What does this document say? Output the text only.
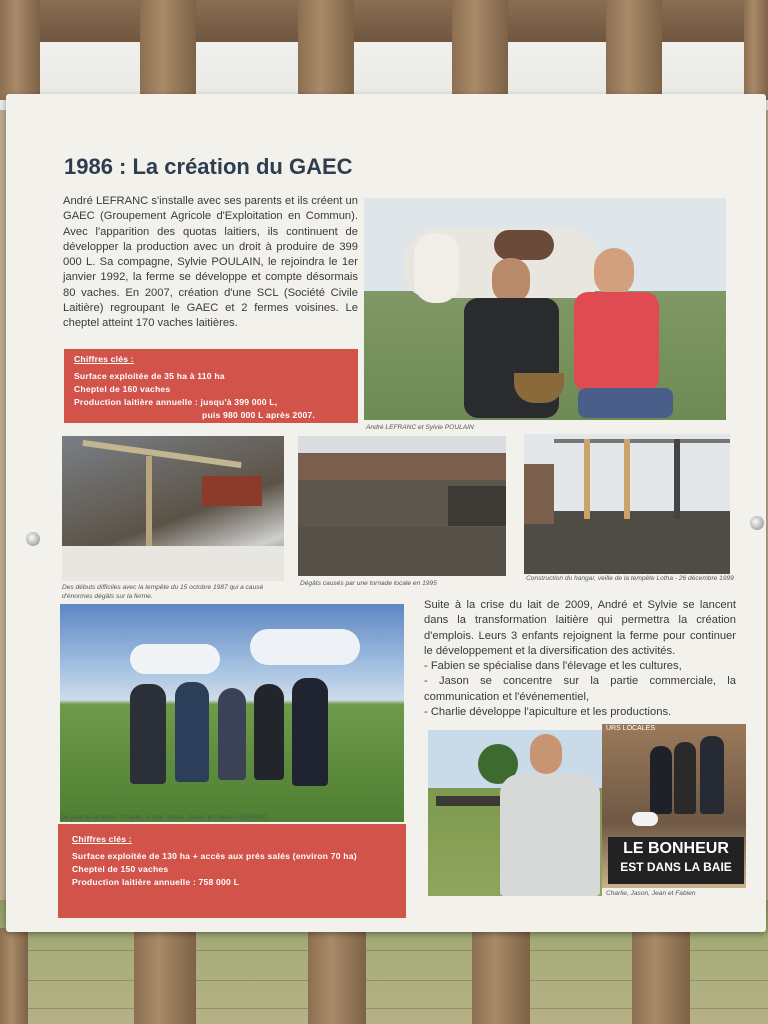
1986 : La création du GAEC
André LEFRANC s'installe avec ses parents et ils créent un GAEC (Groupement Agricole d'Exploitation en Commun). Avec l'apparition des quotas laitiers, ils continuent de développer la production avec un droit à produire de 399 000 L. Sa compagne, Sylvie POULAIN, le rejoindra le 1er janvier 1992, la ferme se développe et compte désormais 80 vaches. En 2007, création d'une SCL (Société Civile Laitière) regroupant le GAEC et 2 fermes voisines. Le cheptel atteint 170 vaches laitières.
Chiffres clés :
Surface exploitée de 35 ha à 110 ha
Cheptel de 160 vaches
Production laitière annuelle : jusqu'à 399 000 L,
puis 980 000 L après 2007.
André LEFRANC et Sylvie POULAIN
Des débuts difficiles avec la tempête du 15 octobre 1987 qui a causé d'énormes dégâts sur la ferme.
Dégâts causés par une tornade locale en 1995
Construction du hangar, veille de la tempête Lotha - 26 décembre 1999
De gauche à droite : Charlie, André, Sylvie, Jason et Fabien LEFRANC
Chiffres clés :
Surface exploitée de 130 ha + accès aux prés salés (environ 70 ha)
Cheptel de 150 vaches
Production laitière annuelle : 758 000 L
Suite à la crise du lait de 2009, André et Sylvie se lancent dans la transformation laitière qui permettra la création d'emplois. Leurs 3 enfants rejoignent la ferme pour continuer le développement et la diversification des activités.
- Fabien se spécialise dans l'élevage et les cultures,
- Jason se concentre sur la partie commerciale, la communication et l'événementiel,
- Charlie développe l'apiculture et les productions.
URS LOCALES
LE BONHEUR
EST DANS LA BAIE
Charlie, Jason, Jean et Fabien
